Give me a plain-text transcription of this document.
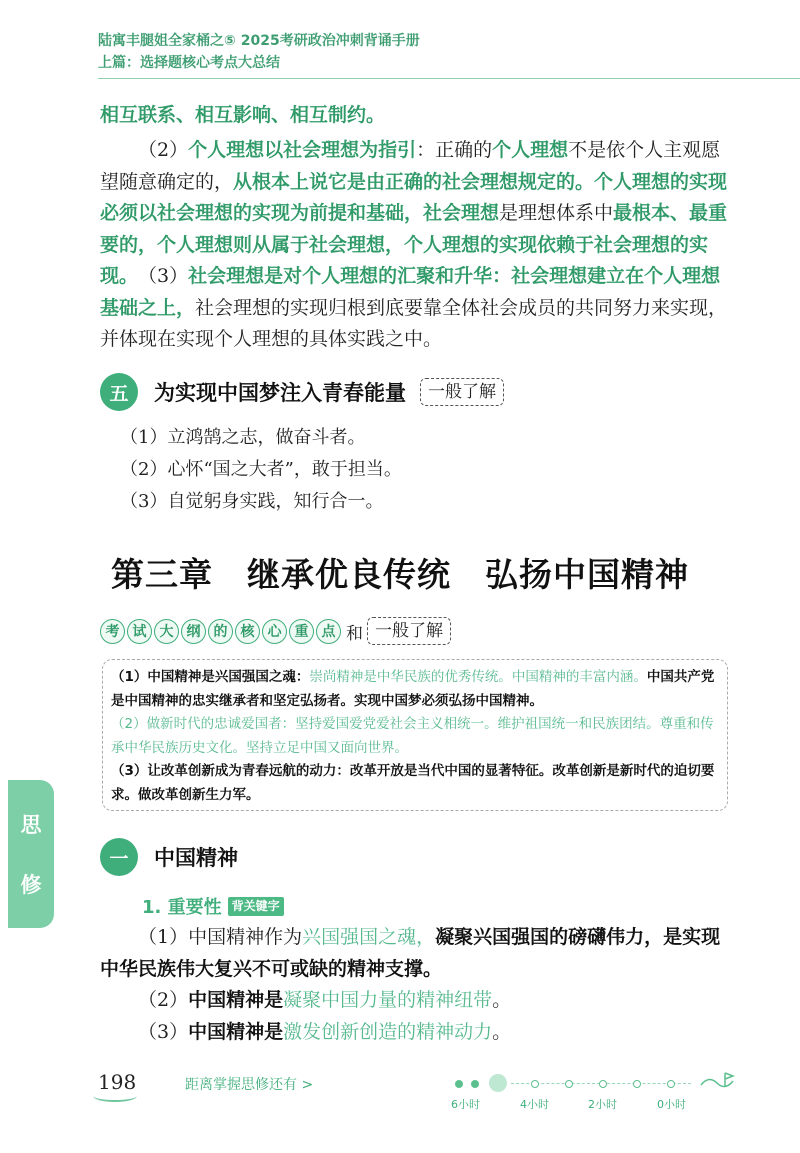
陆寓丰腿姐全家桶之⑤ 2025考研政治冲刺背诵手册
上篇：选择题核心考点大总结
相互联系、相互影响、相互制约。
（2）个人理想以社会理想为指引：正确的个人理想不是依个人主观愿望随意确定的，从根本上说它是由正确的社会理想规定的。个人理想的实现必须以社会理想的实现为前提和基础，社会理想是理想体系中最根本、最重要的，个人理想则从属于社会理想，个人理想的实现依赖于社会理想的实现。 （3）社会理想是对个人理想的汇聚和升华：社会理想建立在个人理想基础之上，社会理想的实现归根到底要靠全体社会成员的共同努力来实现，并体现在实现个人理想的具体实践之中。
五	为实现中国梦注入青春能量	一般了解
（1）立鸿鹄之志，做奋斗者。
（2）心怀“国之大者”，敢于担当。
（3）自觉躬身实践，知行合一。
第三章　继承优良传统　弘扬中国精神
考 试 大 纲 的 核 心 重 点 和 一般了解
（1）中国精神是兴国强国之魂：崇尚精神是中华民族的优秀传统。中国精神的丰富内涵。中国共产党是中国精神的忠实继承者和坚定弘扬者。实现中国梦必须弘扬中国精神。
（2）做新时代的忠诚爱国者：坚持爱国爱党爱社会主义相统一。维护祖国统一和民族团结。尊重和传承中华民族历史文化。坚持立足中国又面向世界。
（3）让改革创新成为青春远航的动力：改革开放是当代中国的显著特征。改革创新是新时代的迫切要求。做改革创新生力军。
思
修
一	中国精神
1. 重要性 背关键字
（1）中国精神作为兴国强国之魂，凝聚兴国强国的磅礴伟力，是实现中华民族伟大复兴不可或缺的精神支撑。
（2）中国精神是凝聚中国力量的精神纽带。
（3）中国精神是激发创新创造的精神动力。
198	距离掌握思修还有 >
6小时	4小时	2小时	0小时
